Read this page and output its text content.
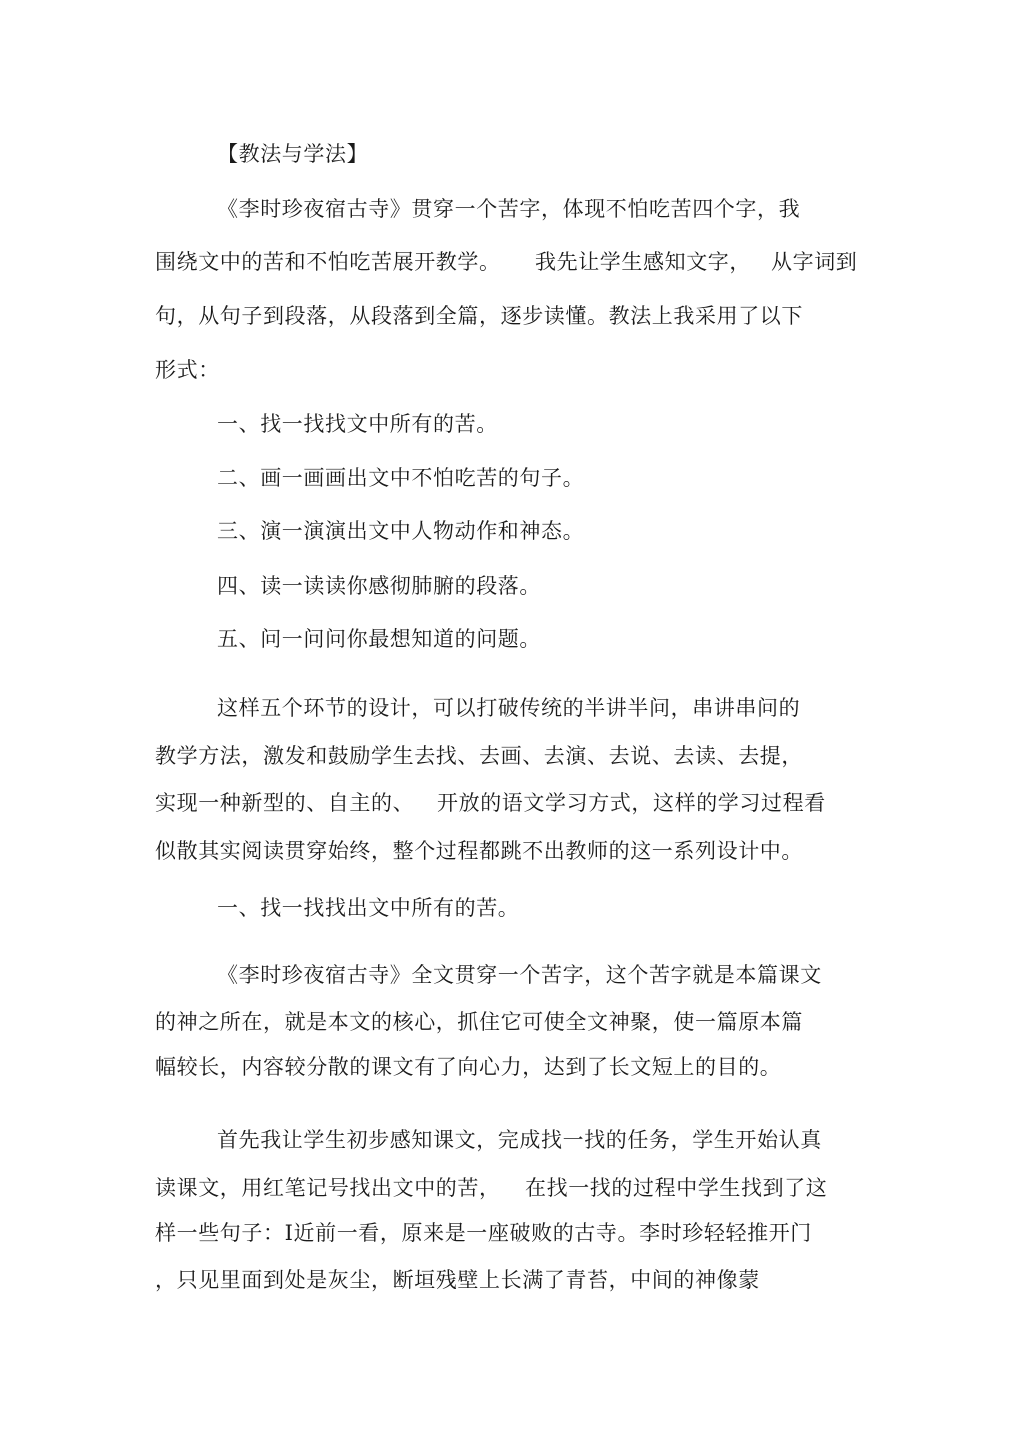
【教法与学法】
《李时珍夜宿古寺》贯穿一个苦字，体现不怕吃苦四个字，我
围绕文中的苦和不怕吃苦展开教学。 我先让学生感知文字， 从字词到
句，从句子到段落，从段落到全篇，逐步读懂。教法上我采用了以下
形式：
一、找一找找文中所有的苦。
二、画一画画出文中不怕吃苦的句子。
三、演一演演出文中人物动作和神态。
四、读一读读你感彻肺腑的段落。
五、问一问问你最想知道的问题。
这样五个环节的设计，可以打破传统的半讲半问，串讲串问的
教学方法，激发和鼓励学生去找、去画、去演、去说、去读、去提，
实现一种新型的、自主的、 开放的语文学习方式，这样的学习过程看
似散其实阅读贯穿始终，整个过程都跳不出教师的这一系列设计中。
一、找一找找出文中所有的苦。
《李时珍夜宿古寺》全文贯穿一个苦字，这个苦字就是本篇课文
的神之所在，就是本文的核心，抓住它可使全文神聚，使一篇原本篇
幅较长，内容较分散的课文有了向心力，达到了长文短上的目的。
首先我让学生初步感知课文，完成找一找的任务，学生开始认真
读课文，用红笔记号找出文中的苦， 在找一找的过程中学生找到了这
样一些句子：Ⅰ近前一看，原来是一座破败的古寺。李时珍轻轻推开门
，只见里面到处是灰尘，断垣残壁上长满了青苔，中间的神像蒙
